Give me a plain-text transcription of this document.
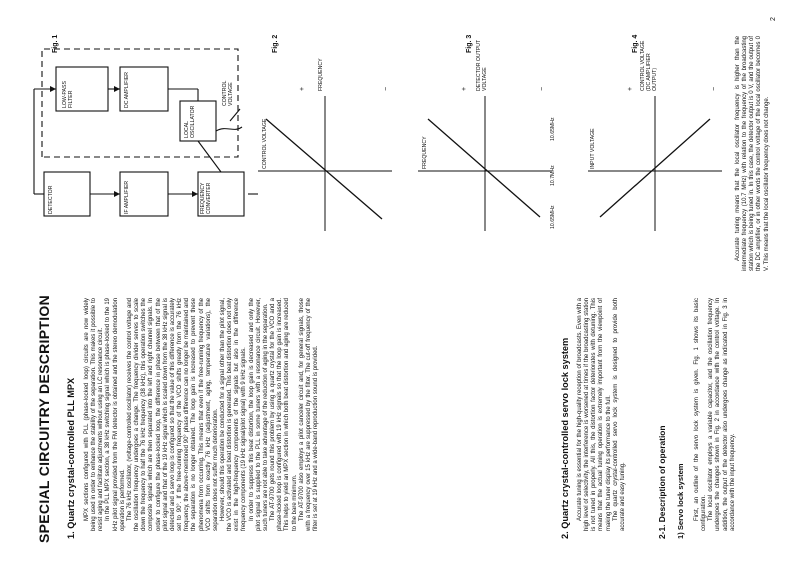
SPECIAL CIRCUITRY DESCRIPTION 1. Quartz crystal-controlled PLL MPX MPX sections configured with PLL (phase-locked loop) circuits are now widely being used in order to enhance the stability of the separation. This makes it possible to resist aging and facilitate adjustments without using an LC resonance circuit. In the PLL MPX section, a 38 kHz switching signal which is phase-locked to the 19 kHz pilot signal provided from the FM detector is obtained and the stereo demodulation operation is performed. The 76 kHz oscillator, (voltage-controlled oscillator) receives the control voltage and the oscillation frequency undergoes a change. The frequency divider serves to scale down the frequency to half the 76 kHz frequency (38 kHz), this operation switches the composite signals which are then separated into the left and right channel signals. In order to configure the phase-locked loop, the difference in phase between that of the pilot signal and that of the 19 kHz signal which is scaled down from the 38 kHz signal is detected and a servo loop is configured so that the value of this difference is accurately set to 90°. If the free-running frequency of the VCO shifts greatly from the 76 kHz frequency, the above-mentioned 90° phase difference can no longer be maintained and the separation is no longer obtained. The loop gain is increased to prevent these phenomena from occurring. This means that even if the free-running frequency of the VCO shifts from exactly 76 kHz (adjustment, aging, temperature variations), the separation does not suffer much deterioration. However, should this operation be conducted for a signal other than the pilot signal, the VCO is activated and beat distortion is generated. This beat distortion does not only exist in the high-frequency components of the signals but also in the difference frequency components (19 kHz signal/pilot signal) with 9 kHz signals. In order to suppress this beat distortion, the loop gain is decreased and only the pilot signal is supplied to the PLL in some tuners with a resonance circuit. However, such tuners are not able to take advantage of the reduction of aging in the separation. The AT-9700 gets round this problem by using a quartz crystal for the VCO and a phase-locked loop is configured with 19 kHz signals so that the loop gain is increased. This helps to yield an MPX section in which both beat distortion and aging are reduced to the bare minimum. The AT-9700 also employs a pilot canceler circuit and, for general signals, those with a frequency over 15 kHz are suppressed by the filter. The cut-off frequency of the filter is set at 19 kHz and a wide-band reproduction sound is provided.	2. Quartz crystal-controlled servo lock system Accurate tuning is essential for the high-quality reception of broadcasts. Even with a high level of selectivity, the interference is worsened at times if the broadcasting station is not tuned in properly. All this, the distortion factor deteriorates with detuning. This means that the actual tuning operation is extremely important from the viewpoint of making the tuner display its performance to the full. The quartz crystal-controlled servo lock system is designed to provide both accurate and easy tuning.	2-1. Description of operation 1) Servo lock system First, an outline of the servo lock system is given. Fig. 1 shows its basic configuration. The local oscillator employs a variable capacitor, and the oscillation frequency undergoes the changes shown in Fig. 2 in accordance with the control voltage. In addition, the output of the detector also undergoes change as indicated in Fig. 3 in accordance with the input frequency.

Fig. 1
FREQUENCY CONVERTER
IF AMPLIFIER
DETECTOR
LOCAL OSCILLATOR
LOW-PASS FILTER	DC AMPLIFIER	CONTROL VOLTAGE
Fig. 2
CONTROL VOLTAGE
FREQUENCY
+	−
Fig. 3
FREQUENCY
DETECTOR OUTPUT VOLTAGE
+	−
10.65MHz
10.7MHz
10.65MHz
Fig. 4
INPUT VOLTAGE
CONTROL VOLTAGE (DC AMPLIFIER OUTPUT)
+	−	Accurate tuning means that the local oscillator frequency is higher than the intermediate frequency (10.7 MHz) with relation to the frequency of the broadcasting station which is being tuned in. In this case, the detector output is 0 V, and the output of the DC amplifier, or in other words the control voltage of the local oscillator becomes 0 V. This means that the local oscillator frequency does not change.

2
